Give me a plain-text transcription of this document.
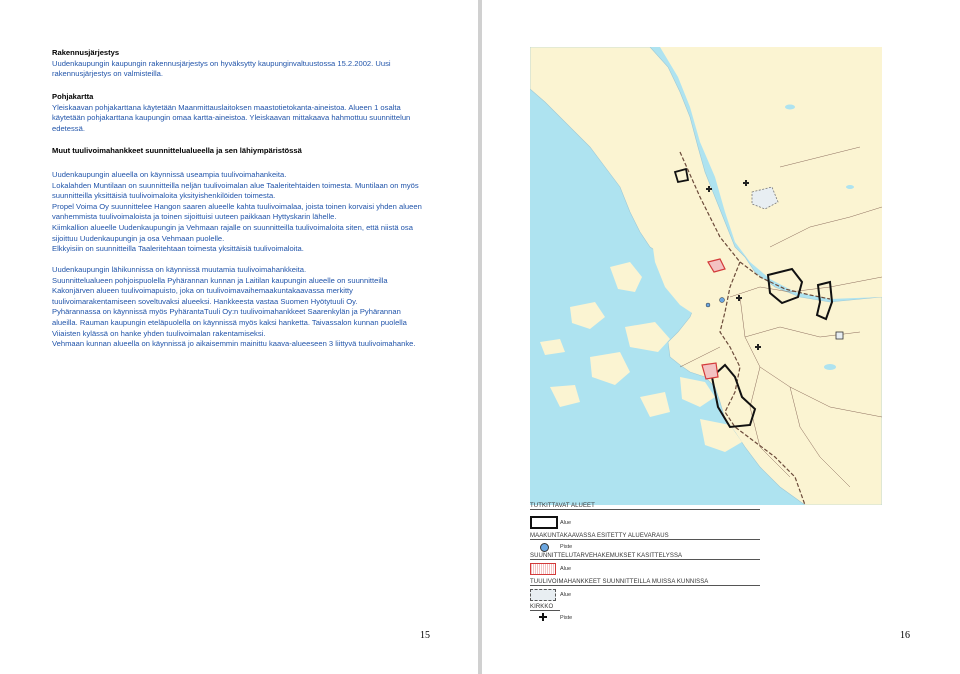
Rakennusjärjestys

Uudenkaupungin kaupungin rakennusjärjestys on hyväksytty kaupunginvaltuustossa 15.2.2002. Uusi

rakennusjärjestys on valmisteilla.

Pohjakartta

Yleiskaavan pohjakarttana käytetään Maanmittauslaitoksen maastotietokanta-aineistoa. Alueen 1 osalta

käytetään pohjakarttana kaupungin omaa kartta-aineistoa. Yleiskaavan mittakaava hahmottuu suunnittelun

edetessä.

Muut tuulivoimahankkeet suunnittelualueella ja sen lähiympäristössä

Uudenkaupungin alueella on käynnissä useampia tuulivoimahankeita.

Lokalahden Muntilaan on suunnitteilla neljän tuulivoimalan alue Taaleritehtaiden toimesta. Muntilaan on myös

suunnitteilla yksittäisiä tuulivoimaloita yksityishenkilöiden toimesta.

Propel Voima Oy suunnittelee Hangon saaren alueelle kahta tuulivoimalaa, joista toinen korvaisi yhden alueen

vanhemmista tuulivoimaloista ja toinen sijoittuisi uuteen paikkaan Hyttyskarin lähelle.

Kiimkallion alueelle Uudenkaupungin ja Vehmaan rajalle on suunnitteilla tuulivoimaloita siten, että niistä osa

sijoittuu Uudenkaupungin ja osa Vehmaan puolelle.

Elkkyisiin on suunnitteilla Taaleritehtaan toimesta yksittäisiä tuulivoimaloita.

Uudenkaupungin lähikunnissa on käynnissä muutamia tuulivoimahankkeita.

Suunnittelualueen pohjoispuolella Pyhärannan kunnan ja Laitilan kaupungin alueelle on suunnitteilla

Kakonjärven alueen tuulivoimapuisto, joka on tuulivoimavaihemaakuntakaavassa merkitty

tuulivoimarakentamiseen soveltuvaksi alueeksi. Hankkeesta vastaa Suomen Hyötytuuli Oy.

Pyhärannassa on käynnissä myös PyhärantaTuuli Oy:n tuulivoimahankkeet Saarenkylän ja Pyhärannan

alueilla. Rauman kaupungin eteläpuolella on käynnissä myös kaksi hanketta. Taivassalon kunnan puolella

Viiaisten kylässä on hanke yhden tuulivoimalan rakentamiseksi.

Vehmaan kunnan alueella on käynnissä jo aikaisemmin mainittu kaava-alueeseen 3 liittyvä tuulivoimahanke.

15
TUTKITTAVAT ALUEET
Alue
MAAKUNTAKAAVASSA ESITETTY ALUEVARAUS
Piste
SUUNNITTELUTARVEHAKEMUKSET KASITTELYSSA
Alue
TUULIVOIMAHANKKEET SUUNNITTEILLA MUISSA KUNNISSA
Alue
KIRKKO
Piste
16
